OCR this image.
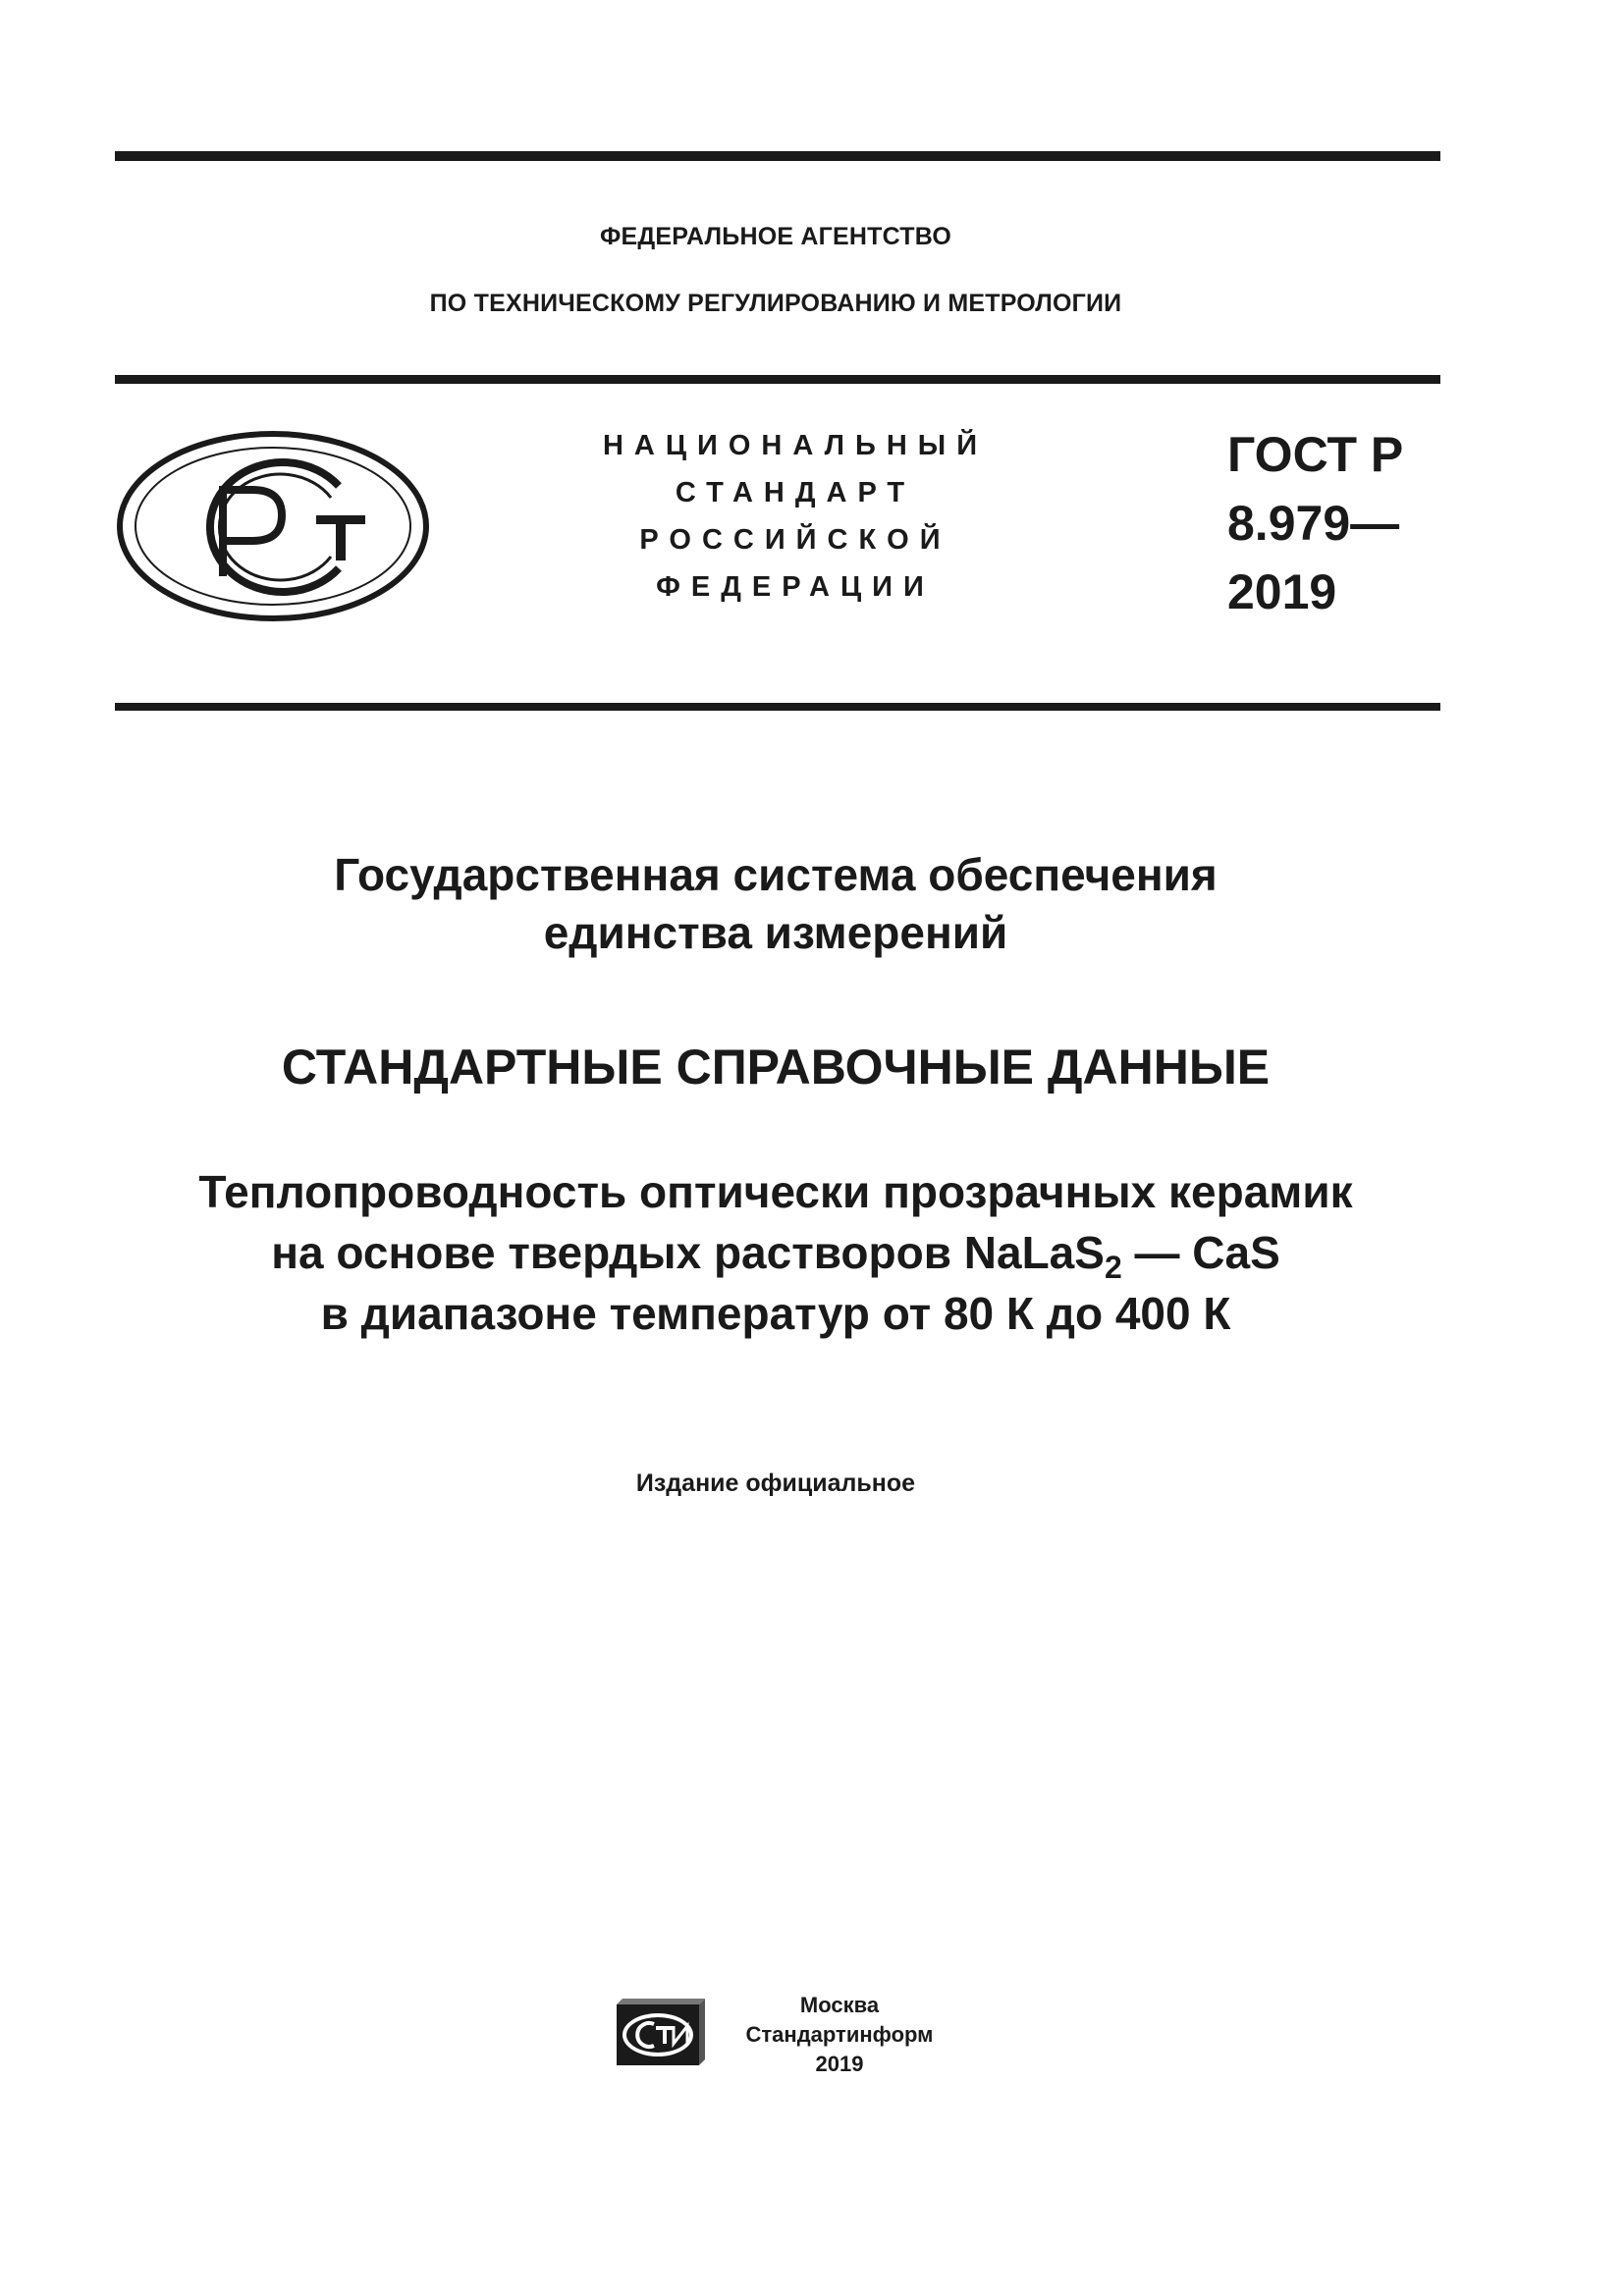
ФЕДЕРАЛЬНОЕ АГЕНТСТВО
ПО ТЕХНИЧЕСКОМУ РЕГУЛИРОВАНИЮ И МЕТРОЛОГИИ
НАЦИОНАЛЬНЫЙ
СТАНДАРТ
РОССИЙСКОЙ
ФЕДЕРАЦИИ
ГОСТ Р
8.979—
2019
Государственная система обеспечения
единства измерений
СТАНДАРТНЫЕ СПРАВОЧНЫЕ ДАННЫЕ
Теплопроводность оптически прозрачных керамик
на основе твердых растворов NaLaS$_2$ — CaS
в диапазоне температур от 80 К до 400 К
Издание официальное
Москва
Стандартинформ
2019
